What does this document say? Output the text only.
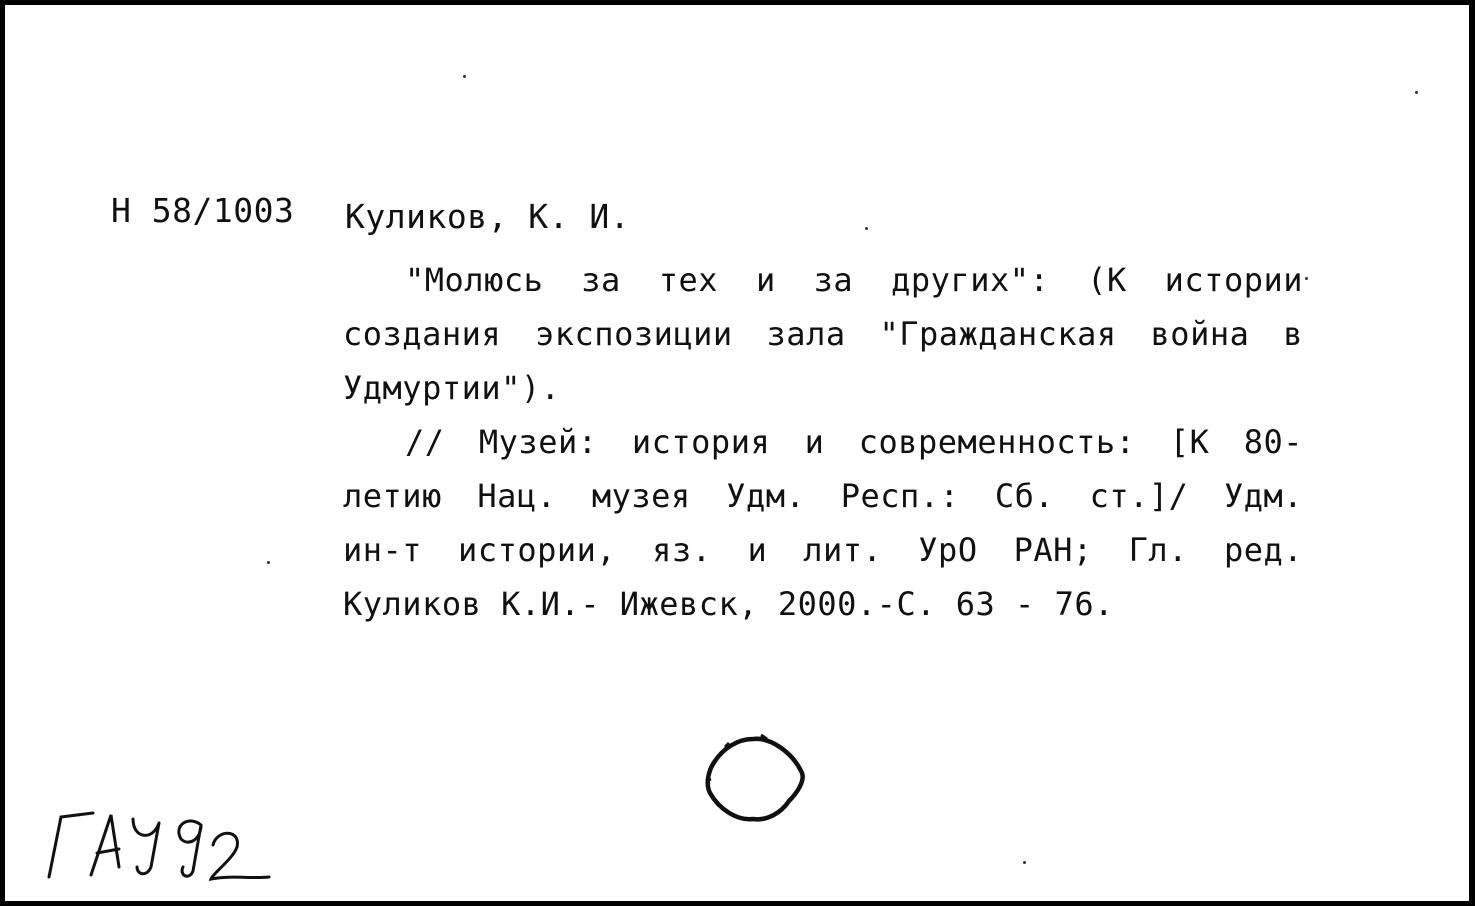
Н 58/1003 Куликов, К. И.
"Молюсь за тех и за других": (К истории
создания экспозиции зала "Гражданская война в
Удмуртии").
// Музей: история и современность: [К 80-
летию Нац. музея Удм. Респ.: Сб. ст.]/ Удм.
ин-т истории, яз. и лит. УрО РАН; Гл. ред.
Куликов К.И.- Ижевск, 2000.-С. 63 - 76.
